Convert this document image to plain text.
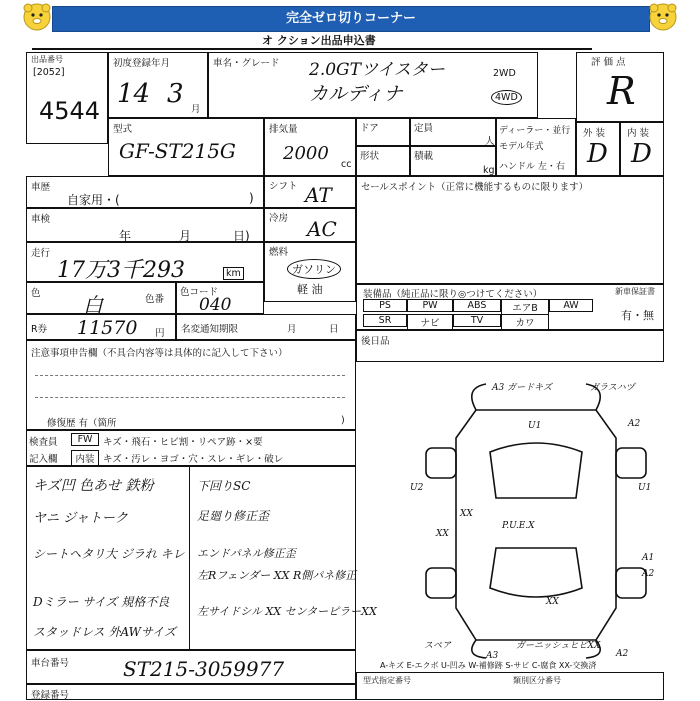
完全ゼロ切りコーナー
オ クション出品申込書
出品番号
[2052]
4544
初度登録年月
14 3
月
車名・グレード 2.0GTツイスター
カルディナ
2WD
4WD
評 価 点
R
外 装
D
内 装
D
型式
GF-ST215G
排気量
2000
cc
ドア	定員
人
形状	積載
kg
ディーラー・並行
モデル年式
ハンドル 左・右
車歴
自家用・(	)
シフト AT	セールスポイント（正常に機能するものに限ります）
車検
年	月	日)
冷房 AC
走行
17万3千293	km
燃料
ガソリン
軽 油
色 白	色番
色コード
040
装備品（純正品に限り◎つけてください）	新車保証書
PS	PW	ABS	エアB	AW
SR	ナビ	TV	カワ
有・無
R券 11570 円 名変通知期限	月	日
後日品
注意事項申告欄（不具合内容等は具体的に記入して下さい）
修復歴 有（箇所	)
検査員
記入欄
FW	キズ・飛石・ヒビ割・リペア跡・×要
内装 キズ・汚レ・ヨゴ・穴・スレ・ギレ・破レ
キズ凹 色あせ 鉄粉
ヤニ ジャトーク
シートヘタリ大 ジラれ キレ
Dミラー サイズ 規格不良
スタッドレス 外AWサイズ
下回りSC
足廻り修正歪
エンドパネル修正歪
左Rフェンダー XX R側パネ修正
左サイドシル XX センターピラーXX
A3 ガードキズ	ガラスハヅ
U1	A2
U2	U1
P.U.E.X
XX
XX
XX
A1
A2
スペア
A3	A2
ガーニッシュヒビXX
A-キズ E-エクボ U-凹み W-補修跡 S-サビ C-腐食 XX-交換済
車台番号	ST215-3059977
登録番号
型式指定番号	類別区分番号
